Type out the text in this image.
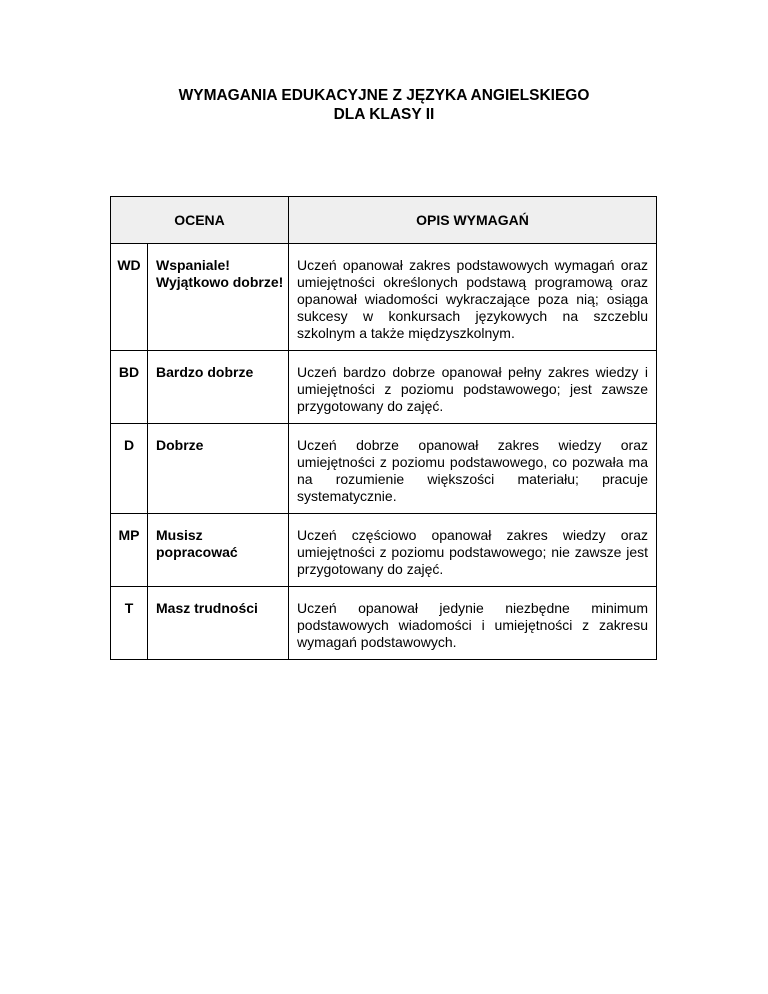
WYMAGANIA EDUKACYJNE Z JĘZYKA ANGIELSKIEGO
DLA KLASY II
OCENA		OPIS WYMAGAŃ
WD	Wspaniale! Wyjątkowo dobrze!	Uczeń opanował zakres podstawowych wymagań oraz umiejętności określonych podstawą programową oraz opanował wiadomości wykraczające poza nią; osiąga sukcesy w konkursach językowych na szczeblu szkolnym a także międzyszkolnym.
BD	Bardzo dobrze	Uczeń bardzo dobrze opanował pełny zakres wiedzy i umiejętności z poziomu podstawowego; jest zawsze przygotowany do zajęć.
D	Dobrze	Uczeń dobrze opanował zakres wiedzy oraz umiejętności z poziomu podstawowego, co pozwała ma na rozumienie większości materiału; pracuje systematycznie.
MP	Musisz popracować	Uczeń częściowo opanował zakres wiedzy oraz umiejętności z poziomu podstawowego; nie zawsze jest przygotowany do zajęć.
T	Masz trudności	Uczeń opanował jedynie niezbędne minimum podstawowych wiadomości i umiejętności z zakresu wymagań podstawowych.
